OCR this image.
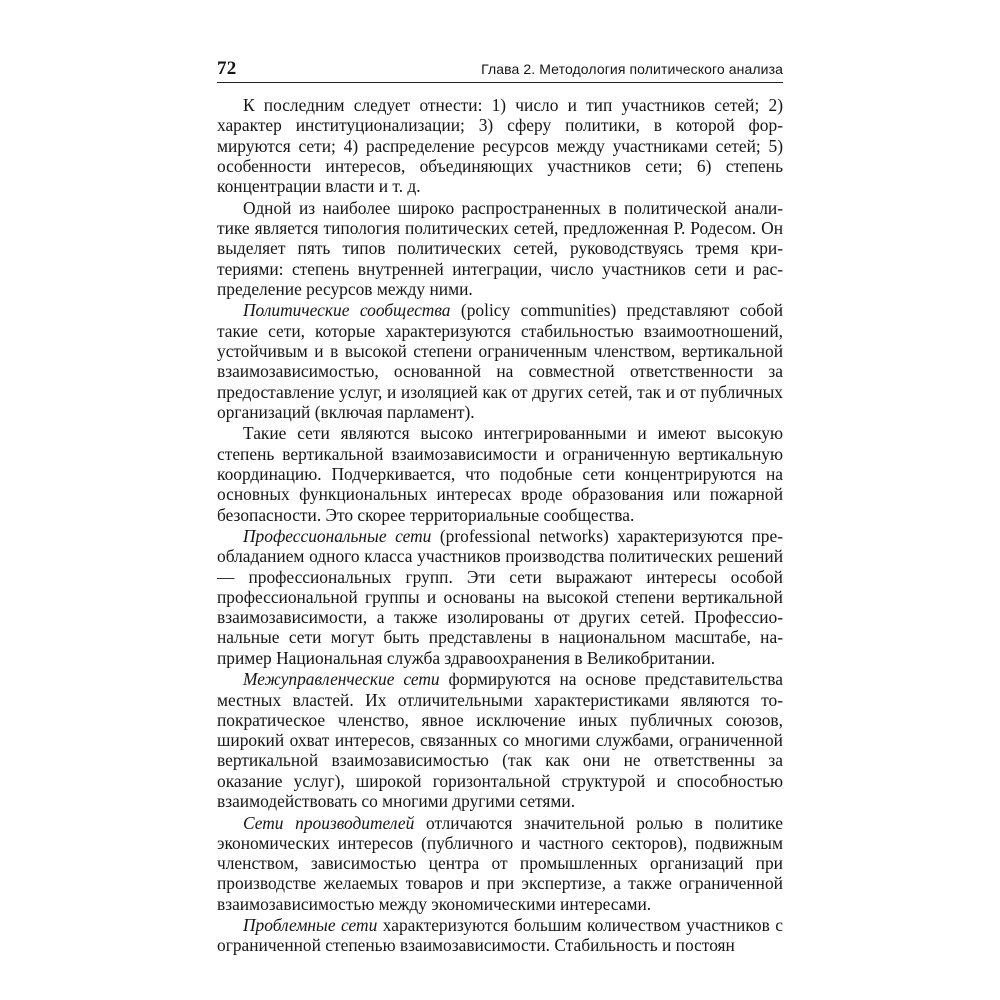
72	Глава 2. Методология политического анализа

К последним следует отнести: 1) число и тип участников сетей; 2) характер институционализации; 3) сферу политики, в которой формируются сети; 4) распределение ресурсов между участниками сетей; 5) особенности интересов, объединяющих участников сети; 6) степень концентрации власти и т. д.

Одной из наиболее широко распространенных в политической аналитике является типология политических сетей, предложенная Р. Родесом. Он выделяет пять типов политических сетей, руководствуясь тремя критериями: степень внутренней интеграции, число участников сети и распределение ресурсов между ними.

Политические сообщества (policy communities) представляют собой такие сети, которые характеризуются стабильностью взаимоотношений, устойчивым и в высокой степени ограниченным членством, вертикальной взаимозависимостью, основанной на совместной ответственности за предоставление услуг, и изоляцией как от других сетей, так и от публичных организаций (включая парламент).

Такие сети являются высоко интегрированными и имеют высокую степень вертикальной взаимозависимости и ограниченную вертикальную координацию. Подчеркивается, что подобные сети концентрируются на основных функциональных интересах вроде образования или пожарной безопасности. Это скорее территориальные сообщества.

Профессиональные сети (professional networks) характеризуются преобладанием одного класса участников производства политических решений — профессиональных групп. Эти сети выражают интересы особой профессиональной группы и основаны на высокой степени вертикальной взаимозависимости, а также изолированы от других сетей. Профессиональные сети могут быть представлены в национальном масштабе, например Национальная служба здравоохранения в Великобритании.

Межуправленческие сети формируются на основе представительства местных властей. Их отличительными характеристиками являются топократическое членство, явное исключение иных публичных союзов, широкий охват интересов, связанных со многими службами, ограниченной вертикальной взаимозависимостью (так как они не ответственны за оказание услуг), широкой горизонтальной структурой и способностью взаимодействовать со многими другими сетями.

Сети производителей отличаются значительной ролью в политике экономических интересов (публичного и частного секторов), подвижным членством, зависимостью центра от промышленных организаций при производстве желаемых товаров и при экспертизе, а также ограниченной взаимозависимостью между экономическими интересами.

Проблемные сети характеризуются большим количеством участников с ограниченной степенью взаимозависимости. Стабильность и постоян
